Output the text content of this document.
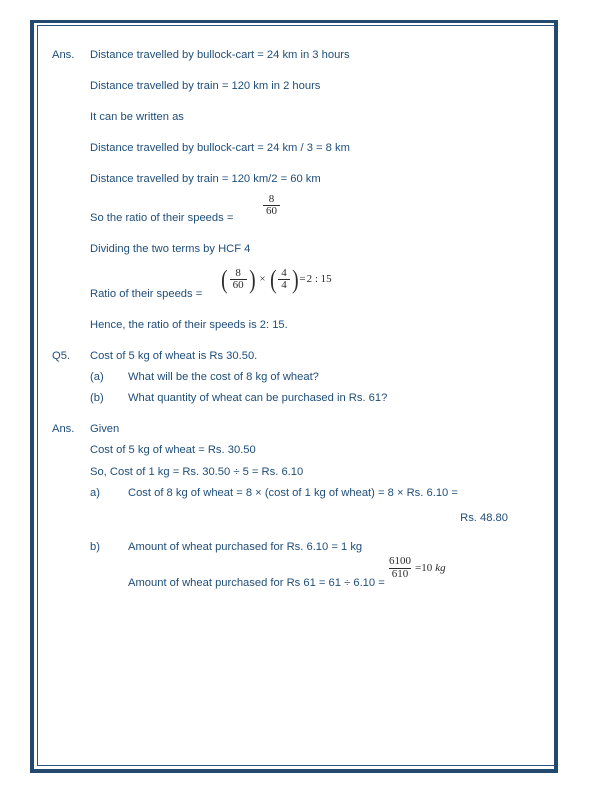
Ans.	Distance travelled by bullock-cart = 24 km in 3 hours
Distance travelled by train = 120 km in 2 hours
It can be written as
Distance travelled by bullock-cart = 24 km / 3 = 8 km
Distance travelled by train = 120 km/2 = 60 km
So the ratio of their speeds =	$\frac{8}{60}$
Dividing the two terms by HCF 4
Ratio of their speeds = ( $\frac{8}{60}$ ) × ( $\frac{4}{4}$ ) = 2 : 15
Hence, the ratio of their speeds is 2: 15.
Q5.	Cost of 5 kg of wheat is Rs 30.50.
(a)	What will be the cost of 8 kg of wheat?
(b)	What quantity of wheat can be purchased in Rs. 61?
Ans.	Given
Cost of 5 kg of wheat = Rs. 30.50
So, Cost of 1 kg = Rs. 30.50 ÷ 5 = Rs. 6.10
a)	Cost of 8 kg of wheat = 8 × (cost of 1 kg of wheat) = 8 × Rs. 6.10 =
Rs. 48.80
b)	Amount of wheat purchased for Rs. 6.10 = 1 kg
Amount of wheat purchased for Rs 61 = 61 ÷ 6.10 =
$\frac{6100}{610} = 10$ kg
